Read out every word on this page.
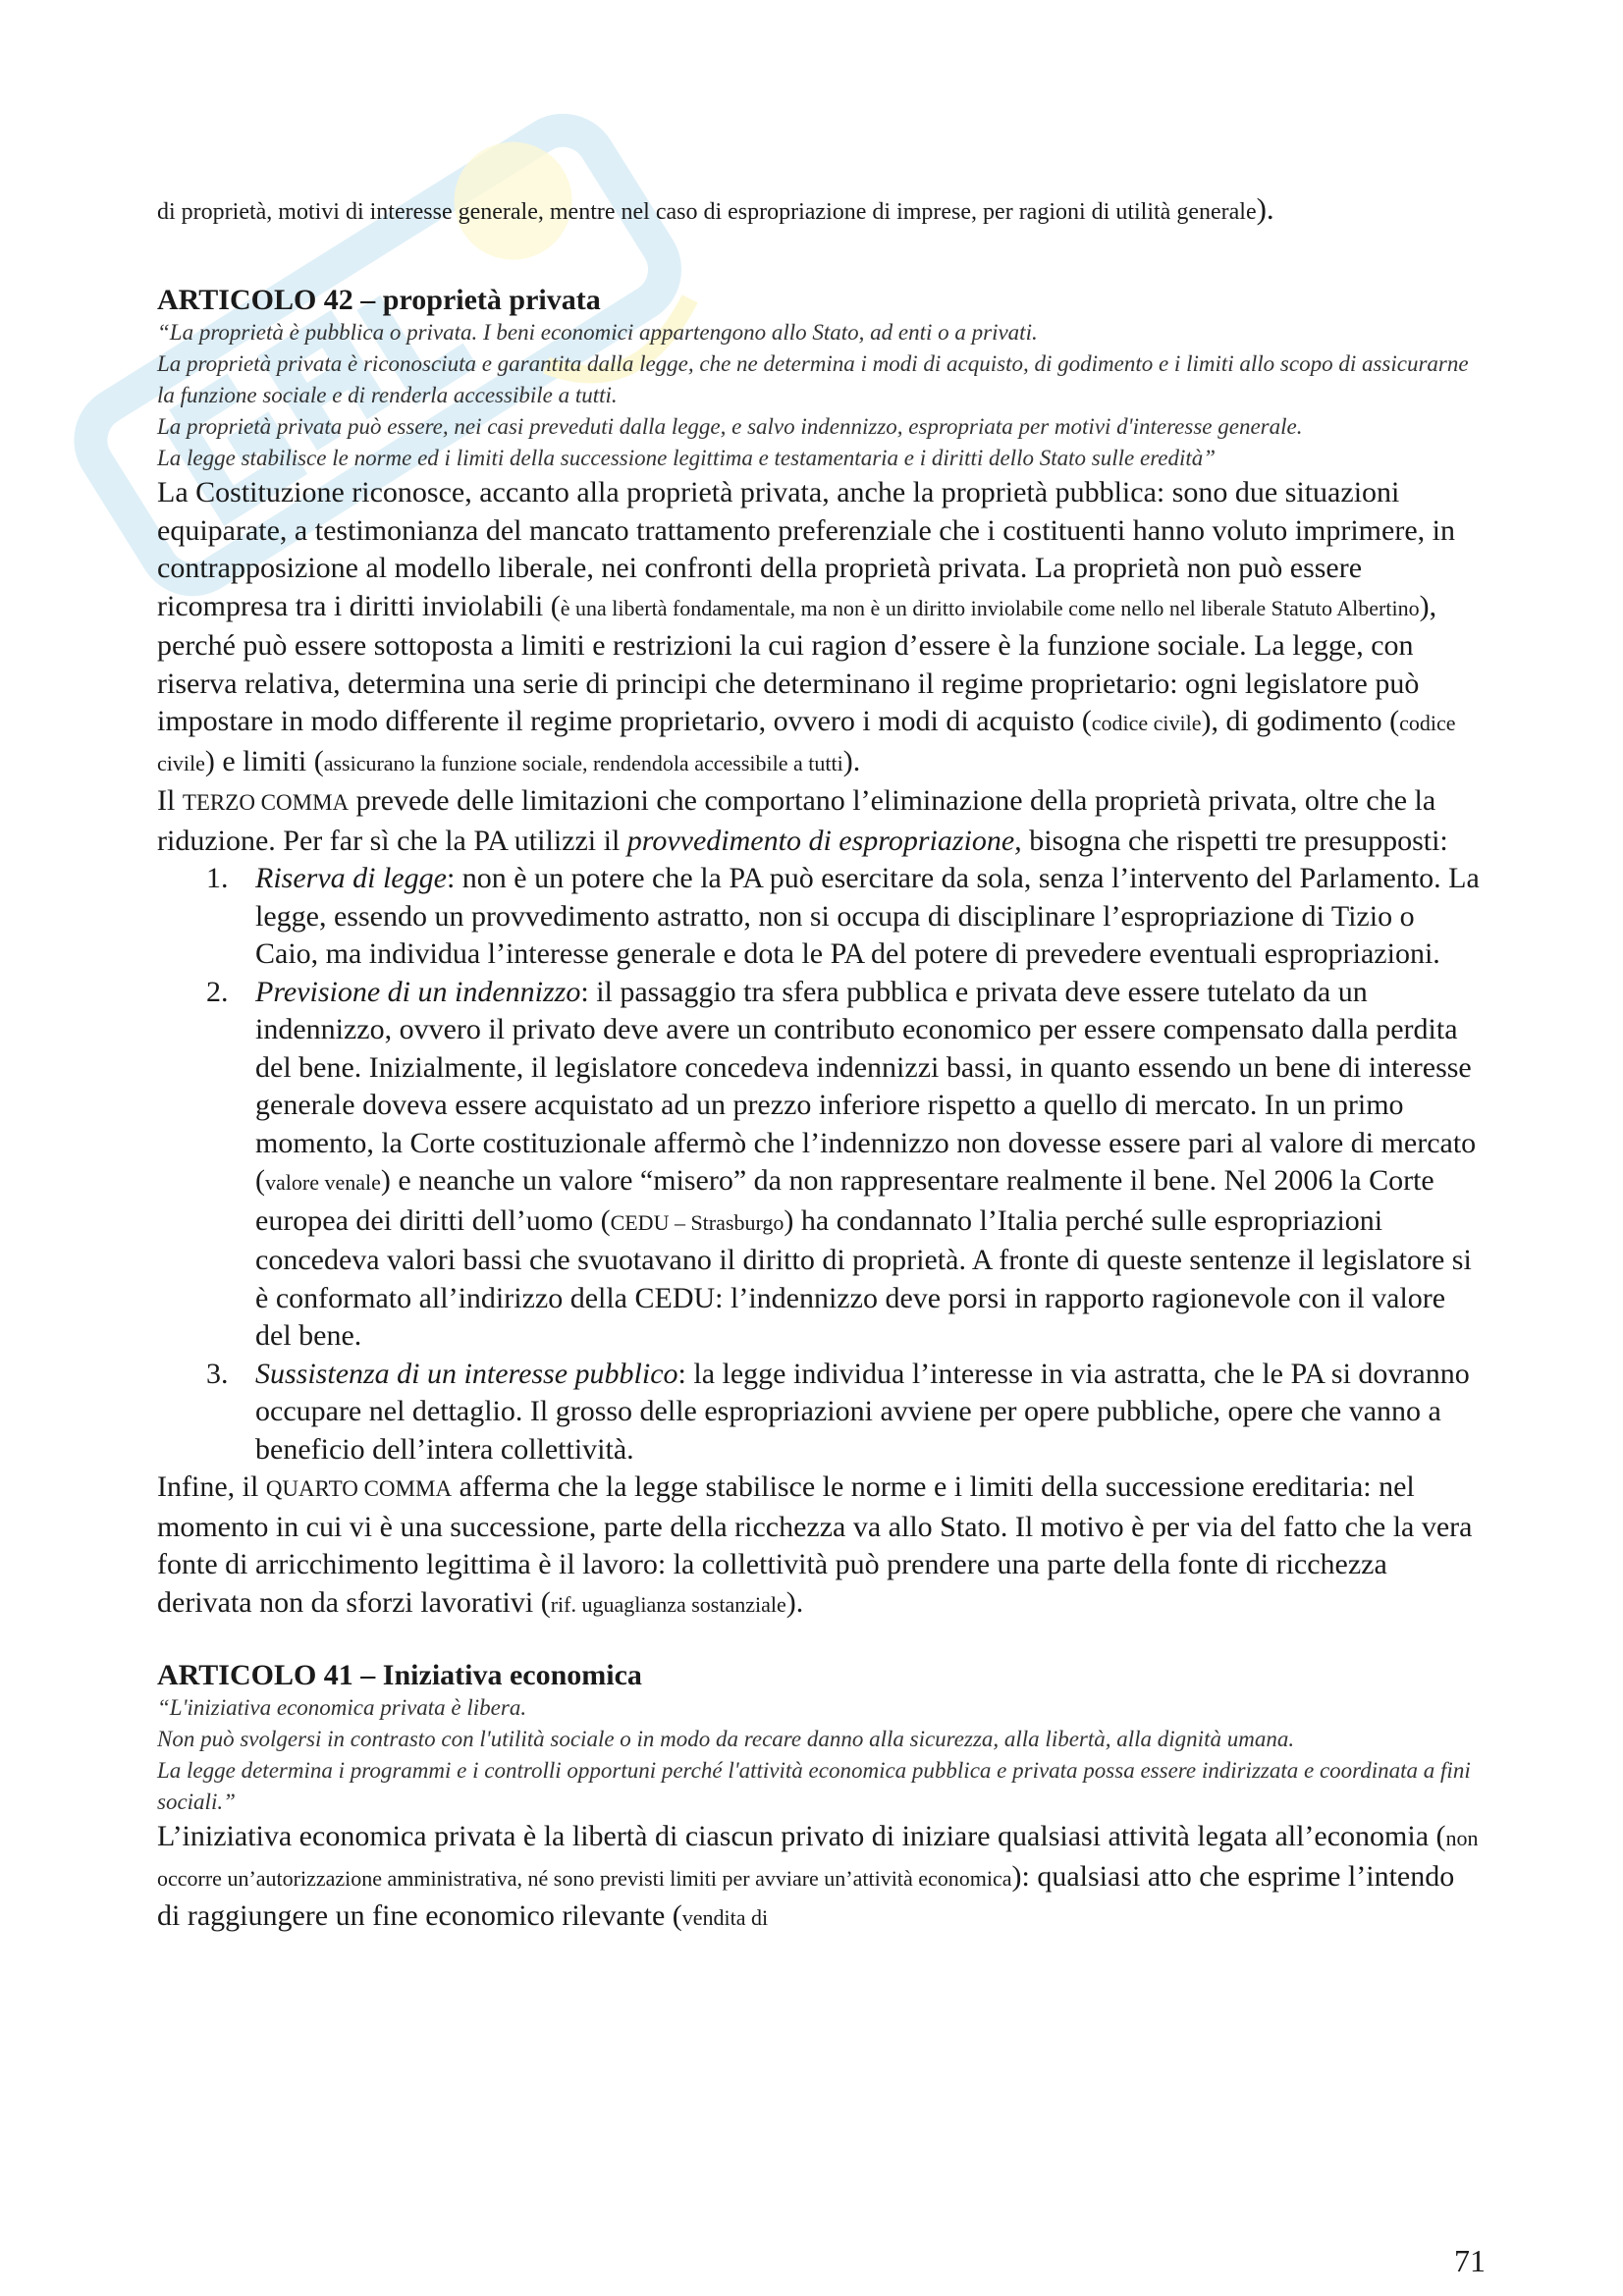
di proprietà, motivi di interesse generale, mentre nel caso di espropriazione di imprese, per ragioni di utilità generale).

ARTICOLO 42 – proprietà privata

“La proprietà è pubblica o privata. I beni economici appartengono allo Stato, ad enti o a privati.

La proprietà privata è riconosciuta e garantita dalla legge, che ne determina i modi di acquisto, di godimento e i limiti allo scopo di assicurarne la funzione sociale e di renderla accessibile a tutti.

La proprietà privata può essere, nei casi preveduti dalla legge, e salvo indennizzo, espropriata per motivi d'interesse generale.

La legge stabilisce le norme ed i limiti della successione legittima e testamentaria e i diritti dello Stato sulle eredità”

La Costituzione riconosce, accanto alla proprietà privata, anche la proprietà pubblica: sono due situazioni equiparate, a testimonianza del mancato trattamento preferenziale che i costituenti hanno voluto imprimere, in contrapposizione al modello liberale, nei confronti della proprietà privata. La proprietà non può essere ricompresa tra i diritti inviolabili (è una libertà fondamentale, ma non è un diritto inviolabile come nello nel liberale Statuto Albertino), perché può essere sottoposta a limiti e restrizioni la cui ragion d’essere è la funzione sociale. La legge, con riserva relativa, determina una serie di principi che determinano il regime proprietario: ogni legislatore può impostare in modo differente il regime proprietario, ovvero i modi di acquisto (codice civile), di godimento (codice civile) e limiti (assicurano la funzione sociale, rendendola accessibile a tutti).

Il TERZO COMMA prevede delle limitazioni che comportano l’eliminazione della proprietà privata, oltre che la riduzione. Per far sì che la PA utilizzi il provvedimento di espropriazione, bisogna che rispetti tre presupposti:

1. Riserva di legge: non è un potere che la PA può esercitare da sola, senza l’intervento del Parlamento. La legge, essendo un provvedimento astratto, non si occupa di disciplinare l’espropriazione di Tizio o Caio, ma individua l’interesse generale e dota le PA del potere di prevedere eventuali espropriazioni.
2. Previsione di un indennizzo: il passaggio tra sfera pubblica e privata deve essere tutelato da un indennizzo, ovvero il privato deve avere un contributo economico per essere compensato dalla perdita del bene. Inizialmente, il legislatore concedeva indennizzi bassi, in quanto essendo un bene di interesse generale doveva essere acquistato ad un prezzo inferiore rispetto a quello di mercato. In un primo momento, la Corte costituzionale affermò che l’indennizzo non dovesse essere pari al valore di mercato (valore venale) e neanche un valore “misero” da non rappresentare realmente il bene. Nel 2006 la Corte europea dei diritti dell’uomo (CEDU – Strasburgo) ha condannato l’Italia perché sulle espropriazioni concedeva valori bassi che svuotavano il diritto di proprietà. A fronte di queste sentenze il legislatore si è conformato all’indirizzo della CEDU: l’indennizzo deve porsi in rapporto ragionevole con il valore del bene.
3. Sussistenza di un interesse pubblico: la legge individua l’interesse in via astratta, che le PA si dovranno occupare nel dettaglio. Il grosso delle espropriazioni avviene per opere pubbliche, opere che vanno a beneficio dell’intera collettività.

Infine, il QUARTO COMMA afferma che la legge stabilisce le norme e i limiti della successione ereditaria: nel momento in cui vi è una successione, parte della ricchezza va allo Stato. Il motivo è per via del fatto che la vera fonte di arricchimento legittima è il lavoro: la collettività può prendere una parte della fonte di ricchezza derivata non da sforzi lavorativi (rif. uguaglianza sostanziale).

ARTICOLO 41 – Iniziativa economica

“L'iniziativa economica privata è libera.

Non può svolgersi in contrasto con l'utilità sociale o in modo da recare danno alla sicurezza, alla libertà, alla dignità umana.

La legge determina i programmi e i controlli opportuni perché l'attività economica pubblica e privata possa essere indirizzata e coordinata a fini sociali.”

L’iniziativa economica privata è la libertà di ciascun privato di iniziare qualsiasi attività legata all’economia (non occorre un’autorizzazione amministrativa, né sono previsti limiti per avviare un’attività economica): qualsiasi atto che esprime l’intendo di raggiungere un fine economico rilevante (vendita di

71
